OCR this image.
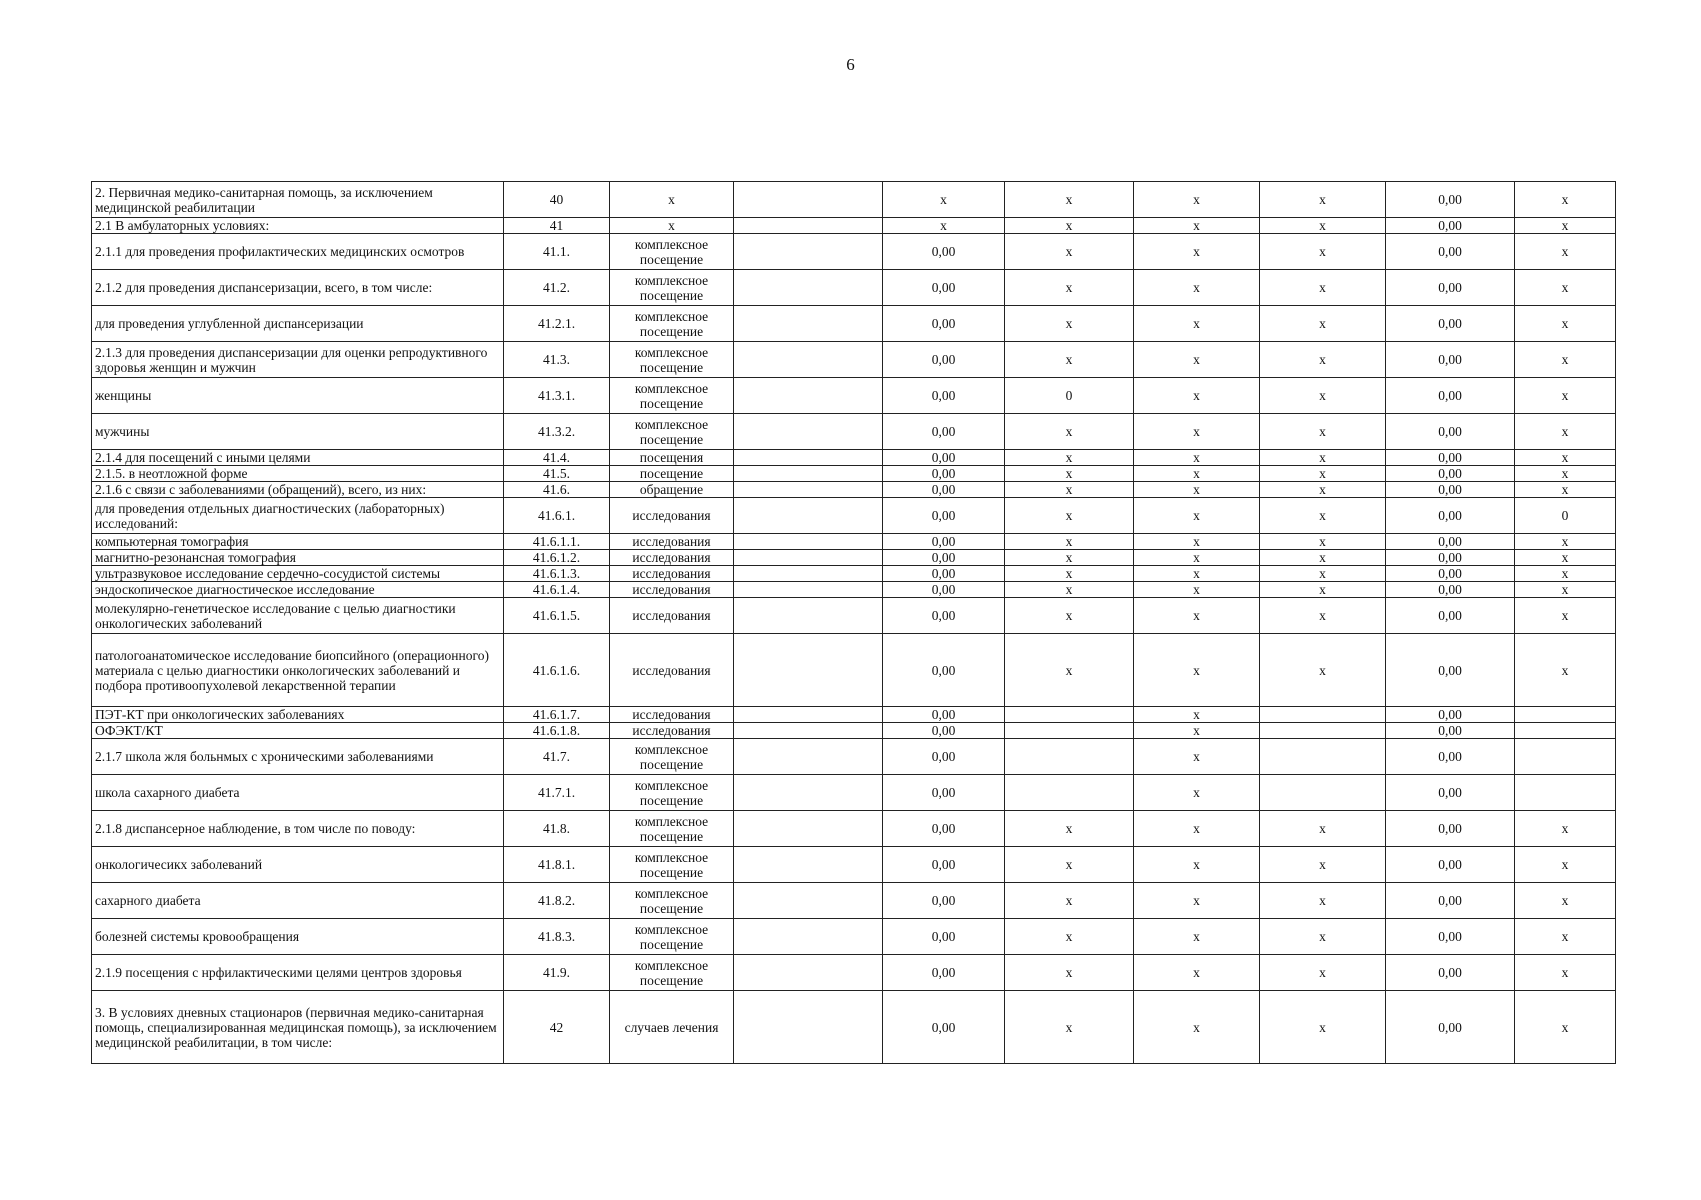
6
2. Первичная медико-санитарная помощь, за исключением медицинской реабилитации	40	х		х	х	х	х	0,00	х
2.1 В амбулаторных условиях:	41	х		х	х	х	х	0,00	х
2.1.1 для проведения профилактических медицинских осмотров	41.1.	комплексное посещение		0,00	х	х	х	0,00	х
2.1.2 для проведения диспансеризации, всего, в том числе:	41.2.	комплексное посещение		0,00	х	х	х	0,00	х
для проведения углубленной диспансеризации	41.2.1.	комплексное посещение		0,00	х	х	х	0,00	х
2.1.3 для проведения диспансеризации для оценки репродуктивного здоровья женщин и мужчин	41.3.	комплексное посещение		0,00	х	х	х	0,00	х
женщины	41.3.1.	комплексное посещение		0,00	0	х	х	0,00	х
мужчины	41.3.2.	комплексное посещение		0,00	х	х	х	0,00	х
2.1.4 для посещений с иными целями	41.4.	посещения		0,00	х	х	х	0,00	х
2.1.5. в неотложной форме	41.5.	посещение		0,00	х	х	х	0,00	х
2.1.6 с связи с заболеваниями (обращений), всего, из них:	41.6.	обращение		0,00	х	х	х	0,00	х
для проведения отдельных диагностических (лабораторных) исследований:	41.6.1.	исследования		0,00	х	х	х	0,00	0
компьютерная томография	41.6.1.1.	исследования		0,00	х	х	х	0,00	х
магнитно-резонансная томография	41.6.1.2.	исследования		0,00	х	х	х	0,00	х
ультразвуковое исследование сердечно-сосудистой системы	41.6.1.3.	исследования		0,00	х	х	х	0,00	х
эндоскопическое диагностическое исследование	41.6.1.4.	исследования		0,00	х	х	х	0,00	х
молекулярно-генетическое исследование с целью диагностики онкологических заболеваний	41.6.1.5.	исследования		0,00	х	х	х	0,00	х
патологоанатомическое исследование биопсийного (операционного) материала с целью диагностики онкологических заболеваний и подбора противоопухолевой лекарственной терапии	41.6.1.6.	исследования		0,00	х	х	х	0,00	х
ПЭТ-КТ при онкологических заболеваниях	41.6.1.7.	исследования		0,00		х		0,00	
ОФЭКТ/КТ	41.6.1.8.	исследования		0,00		х		0,00	
2.1.7 школа жля больнмых с хроническими заболеваниями	41.7.	комплексное посещение		0,00		х		0,00	
школа сахарного диабета	41.7.1.	комплексное посещение		0,00		х		0,00	
2.1.8 диспансерное наблюдение, в том числе по поводу:	41.8.	комплексное посещение		0,00	х	х	х	0,00	х
онкологичесикх заболеваний	41.8.1.	комплексное посещение		0,00	х	х	х	0,00	х
сахарного диабета	41.8.2.	комплексное посещение		0,00	х	х	х	0,00	х
болезней системы кровообращения	41.8.3.	комплексное посещение		0,00	х	х	х	0,00	х
2.1.9 посещения с нрфилактическими целями центров здоровья	41.9.	комплексное посещение		0,00	х	х	х	0,00	х
3. В условиях дневных стационаров (первичная медико-санитарная помощь, специализированная медицинская помощь), за исключением медицинской реабилитации, в том числе:	42	случаев лечения		0,00	х	х	х	0,00	х
